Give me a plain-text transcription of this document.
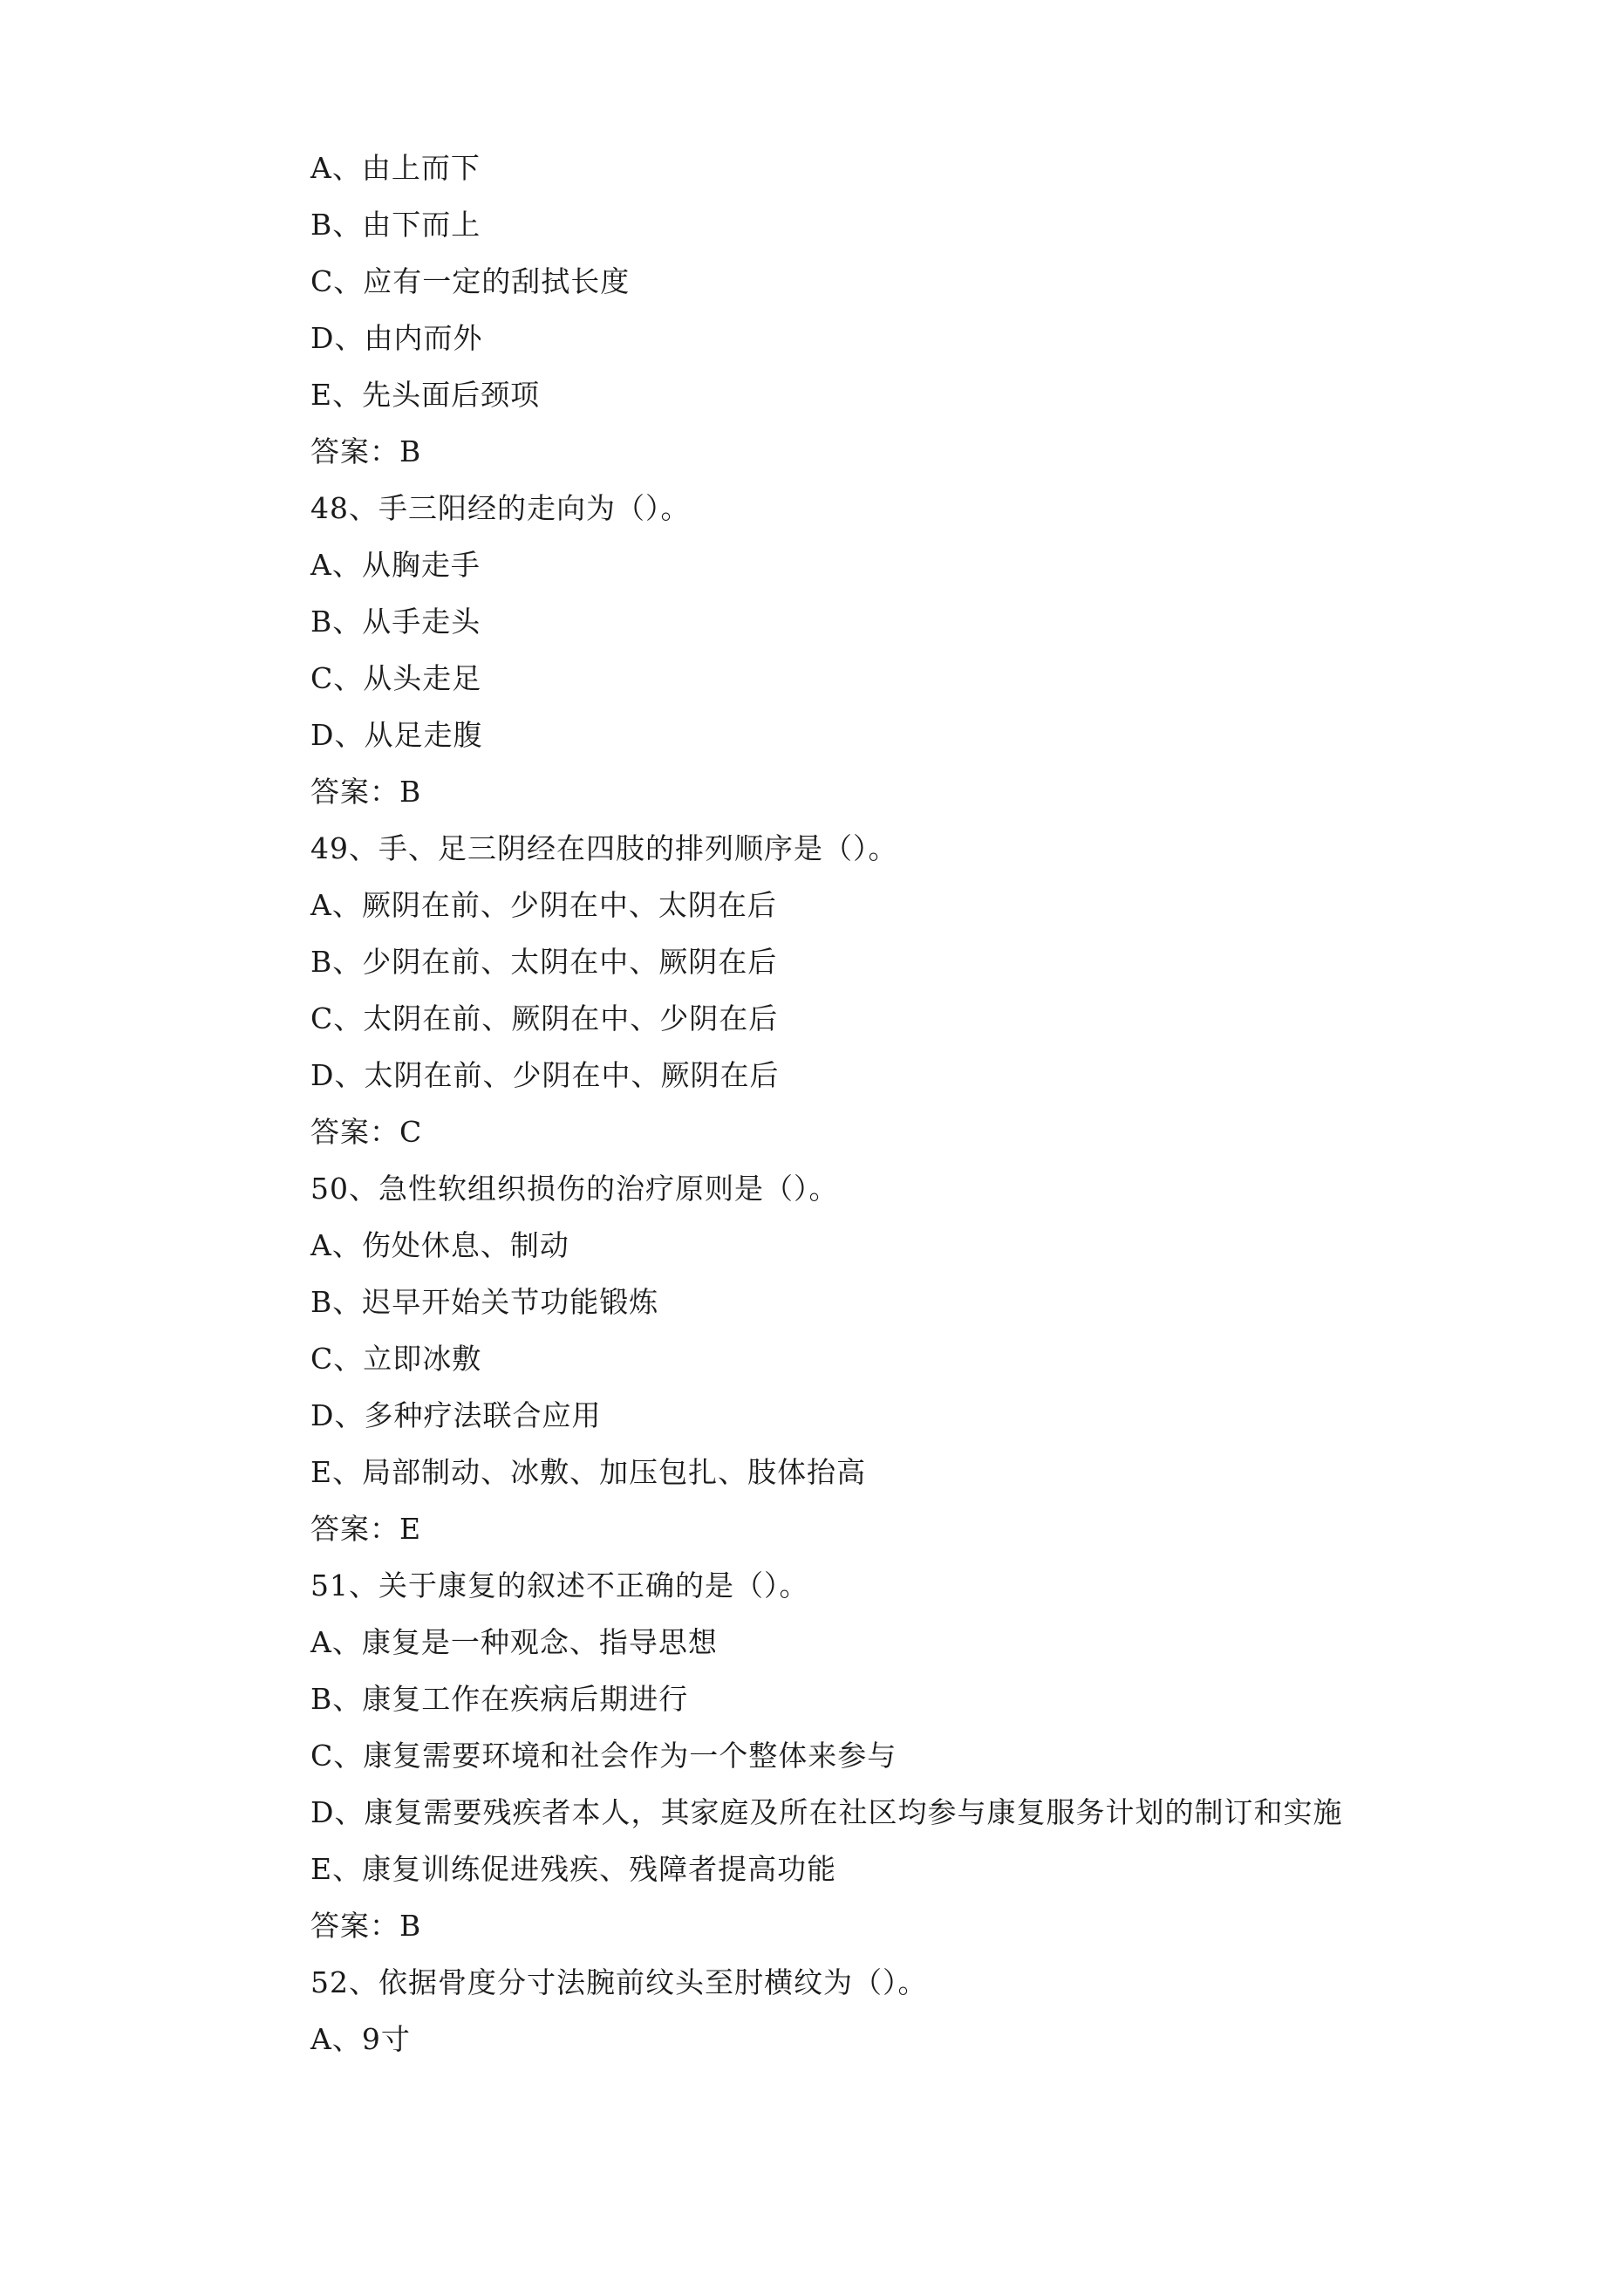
A、由上而下
B、由下而上
C、应有一定的刮拭长度
D、由内而外
E、先头面后颈项
答案：B
48、手三阳经的走向为（）。
A、从胸走手
B、从手走头
C、从头走足
D、从足走腹
答案：B
49、手、足三阴经在四肢的排列顺序是（）。
A、厥阴在前、少阴在中、太阴在后
B、少阴在前、太阴在中、厥阴在后
C、太阴在前、厥阴在中、少阴在后
D、太阴在前、少阴在中、厥阴在后
答案：C
50、急性软组织损伤的治疗原则是（）。
A、伤处休息、制动
B、迟早开始关节功能锻炼
C、立即冰敷
D、多种疗法联合应用
E、局部制动、冰敷、加压包扎、肢体抬高
答案：E
51、关于康复的叙述不正确的是（）。
A、康复是一种观念、指导思想
B、康复工作在疾病后期进行
C、康复需要环境和社会作为一个整体来参与
D、康复需要残疾者本人，其家庭及所在社区均参与康复服务计划的制订和实施
E、康复训练促进残疾、残障者提高功能
答案：B
52、依据骨度分寸法腕前纹头至肘横纹为（）。
A、9寸
